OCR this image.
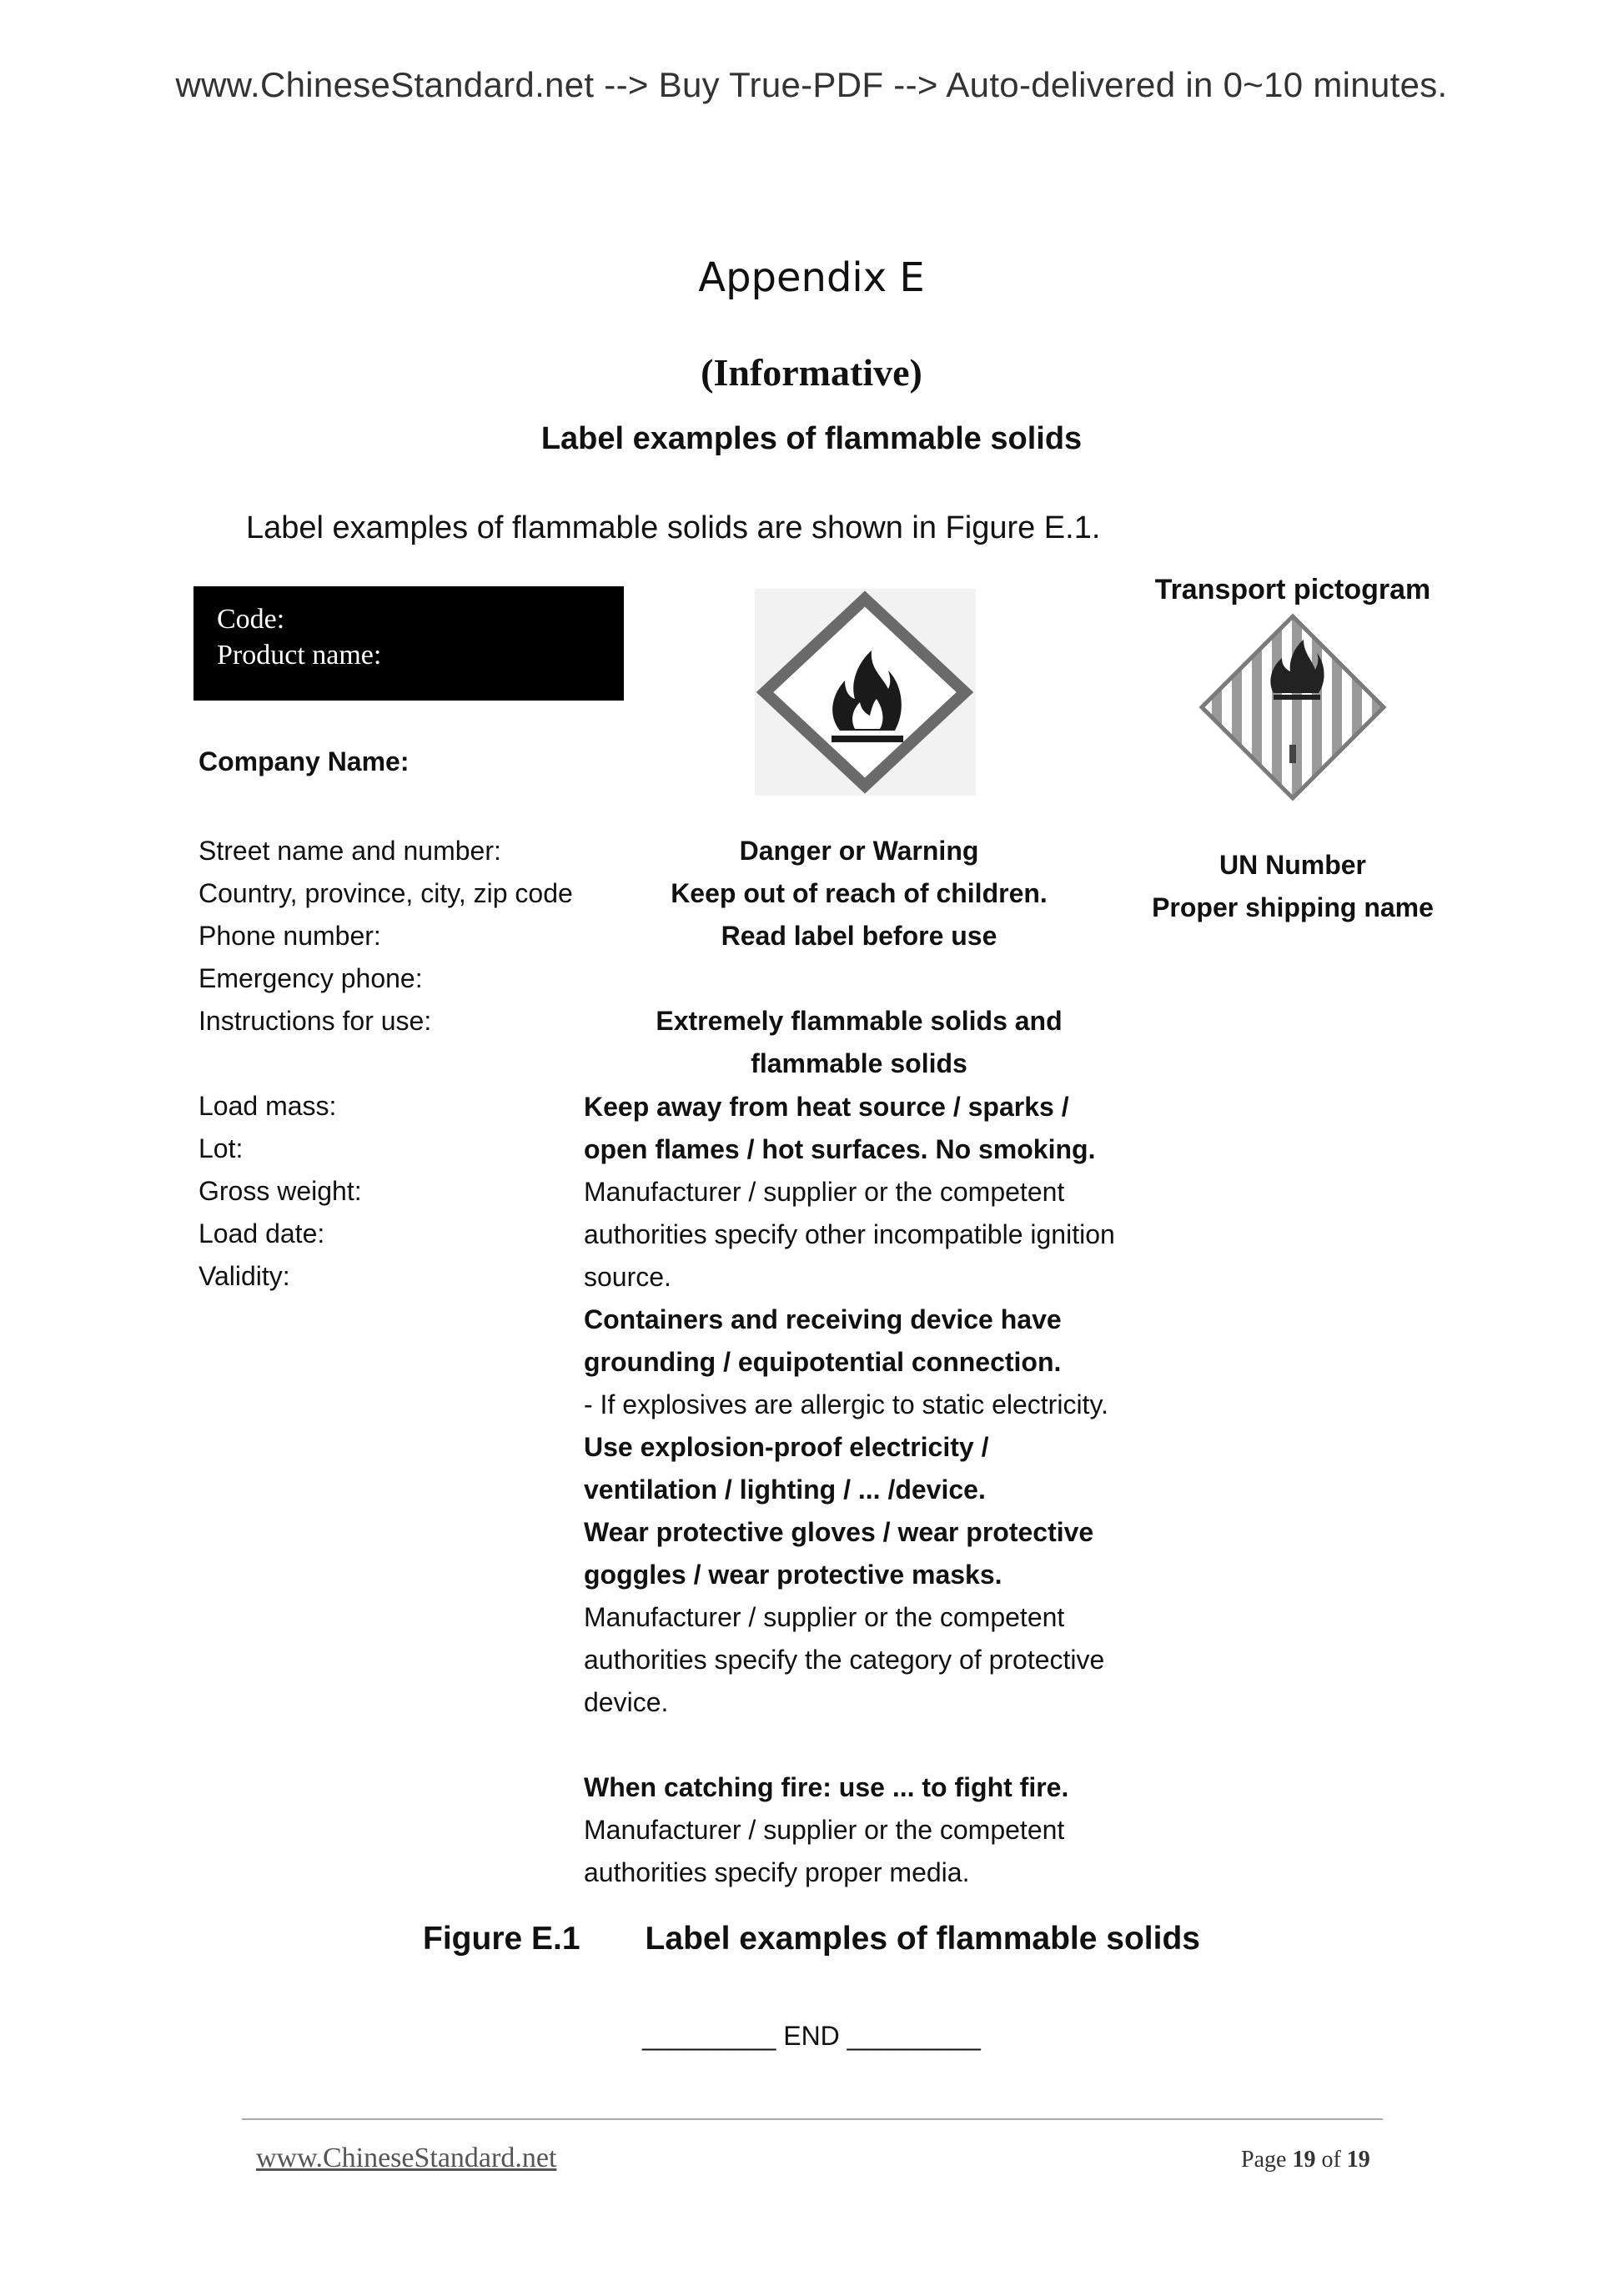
www.ChineseStandard.net --> Buy True-PDF --> Auto-delivered in 0~10 minutes.
Appendix E
(Informative)
Label examples of flammable solids
Label examples of flammable solids are shown in Figure E.1.
Code:
Product name:
Transport pictogram
Company Name:
Street name and number:
Country, province, city, zip code
Phone number:
Emergency phone:
Instructions for use:
Load mass:
Lot:
Gross weight:
Load date:
Validity:
Danger or Warning
Keep out of reach of children.
Read label before use
Extremely flammable solids and
flammable solids
UN Number
Proper shipping name
Keep away from heat source / sparks /
open flames / hot surfaces. No smoking.
Manufacturer / supplier or the competent
authorities specify other incompatible ignition
source.
Containers and receiving device have
grounding / equipotential connection.
- If explosives are allergic to static electricity.
Use explosion-proof electricity /
ventilation / lighting / ... /device.
Wear protective gloves / wear protective
goggles / wear protective masks.
Manufacturer / supplier or the competent
authorities specify the category of protective
device.
When catching fire: use ... to fight fire.
Manufacturer / supplier or the competent
authorities specify proper media.
Figure E.1  Label examples of flammable solids
_________ END _________
www.ChineseStandard.net	Page 19 of 19
